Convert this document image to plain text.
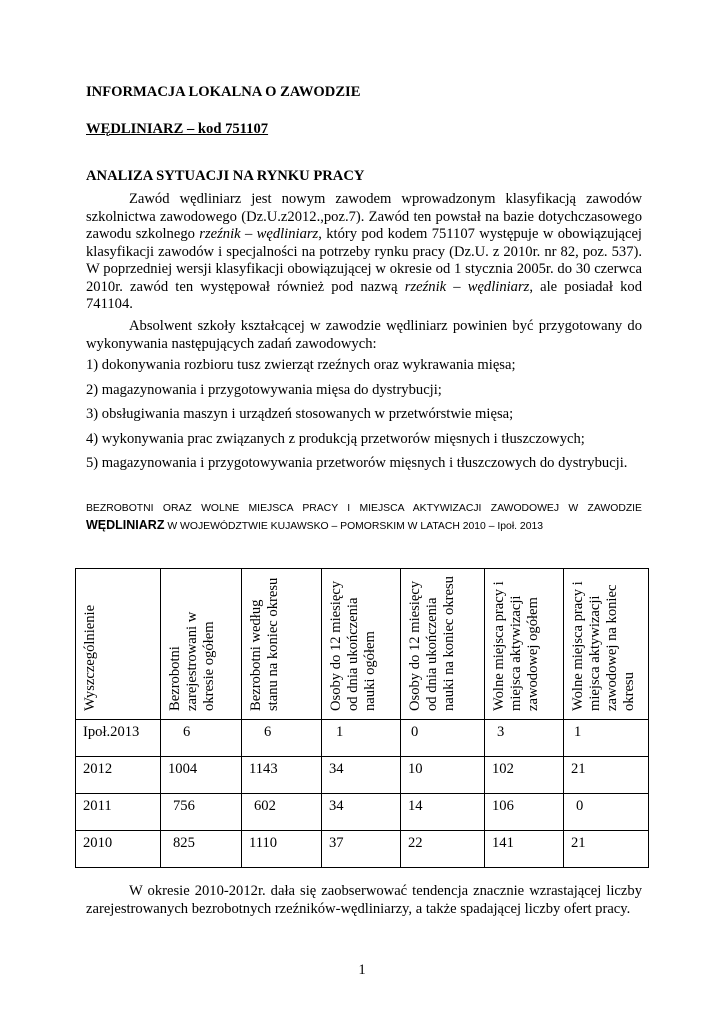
INFORMACJA LOKALNA O ZAWODZIE
WĘDLINIARZ – kod 751107
ANALIZA SYTUACJI NA RYNKU PRACY
Zawód wędliniarz jest nowym zawodem wprowadzonym klasyfikacją zawodów szkolnictwa zawodowego (Dz.U.z2012.,poz.7). Zawód ten powstał na bazie dotychczasowego zawodu szkolnego rzeźnik – wędliniarz, który pod kodem 751107 występuje w obowiązującej klasyfikacji zawodów i specjalności na potrzeby rynku pracy (Dz.U. z 2010r. nr 82, poz. 537). W poprzedniej wersji klasyfikacji obowiązującej w okresie od 1 stycznia 2005r. do 30 czerwca 2010r. zawód ten występował również pod nazwą rzeźnik – wędliniarz, ale posiadał kod 741104.
Absolwent szkoły kształcącej w zawodzie wędliniarz powinien być przygotowany do wykonywania następujących zadań zawodowych:
1) dokonywania rozbioru tusz zwierząt rzeźnych oraz wykrawania mięsa;
2) magazynowania i przygotowywania mięsa do dystrybucji;
3) obsługiwania maszyn i urządzeń stosowanych w przetwórstwie mięsa;
4) wykonywania prac związanych z produkcją przetworów mięsnych i tłuszczowych;
5) magazynowania i przygotowywania przetworów mięsnych i tłuszczowych do dystrybucji.
BEZROBOTNI ORAZ WOLNE MIEJSCA PRACY I MIEJSCA AKTYWIZACJI ZAWODOWEJ W ZAWODZIE WĘDLINIARZ W WOJEWÓDZTWIE KUJAWSKO – POMORSKIM W LATACH 2010 – Ipoł. 2013
Wyszczególnienie	Bezrobotni zarejestrowani w okresie ogółem	Bezrobotni według stanu na koniec okresu	Osoby do 12 miesięcy od dnia ukończenia nauki ogółem	Osoby do 12 miesięcy od dnia ukończenia nauki na koniec okresu	Wolne miejsca pracy i miejsca aktywizacji zawodowej ogółem	Wolne miejsca pracy i miejsca aktywizacji zawodowej na koniec okresu

Ipoł.2013	6	6	1	0	3	1
2012	1004	1143	34	10	102	21
2011	756	602	34	14	106	0
2010	825	1110	37	22	141	21
W okresie 2010-2012r. dała się zaobserwować tendencja znacznie wzrastającej liczby zarejestrowanych bezrobotnych rzeźników-wędliniarzy, a także spadającej liczby ofert pracy.
1
